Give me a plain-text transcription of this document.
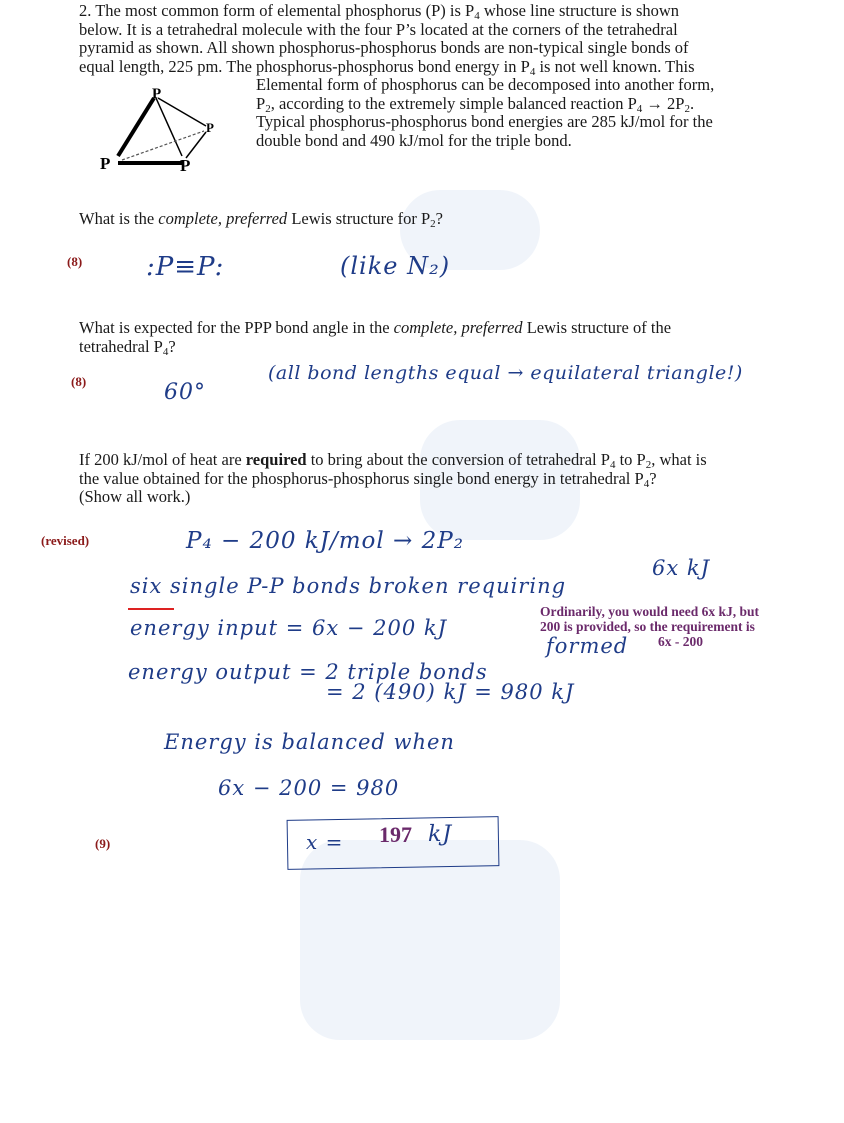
2. The most common form of elemental phosphorus (P) is $P_4$ whose line structure is shown
below. It is a tetrahedral molecule with the four P’s located at the corners of the tetrahedral
pyramid as shown. All shown phosphorus-phosphorus bonds are non-typical single bonds of
equal length, 225 pm. The phosphorus-phosphorus bond energy in $P_4$ is not well known. This
Elemental form of phosphorus can be decomposed into another form,
$P_2$, according to the extremely simple balanced reaction $P_4 \to 2P_2$.
Typical phosphorus-phosphorus bond energies are 285 kJ/mol for the
double bond and 490 kJ/mol for the triple bond.
P
P
P	P
What is the complete, preferred Lewis structure for $P_2$?
(8) :P≡P:	(like N₂)
What is expected for the PPP bond angle in the complete, preferred Lewis structure of the
tetrahedral $P_4$?
(8)	60°
(all bond lengths equal → equilateral triangle!)
If 200 kJ/mol of heat are required to bring about the conversion of tetrahedral $P_4$ to $P_2$, what is
the value obtained for the phosphorus-phosphorus single bond energy in tetrahedral $P_4$?
(Show all work.)
(revised)	P₄ − 200 kJ/mol → 2P₂
six single P-P bonds broken requiring
6x kJ
energy input = 6x − 200 kJ
Ordinarily, you would need 6x kJ, but
200 is provided, so the requirement is
6x - 200
formed
energy output = 2 triple bonds
= 2 (490) kJ = 980 kJ
Energy is balanced when
6x − 200 = 980
(9)	x = 197 kJ
